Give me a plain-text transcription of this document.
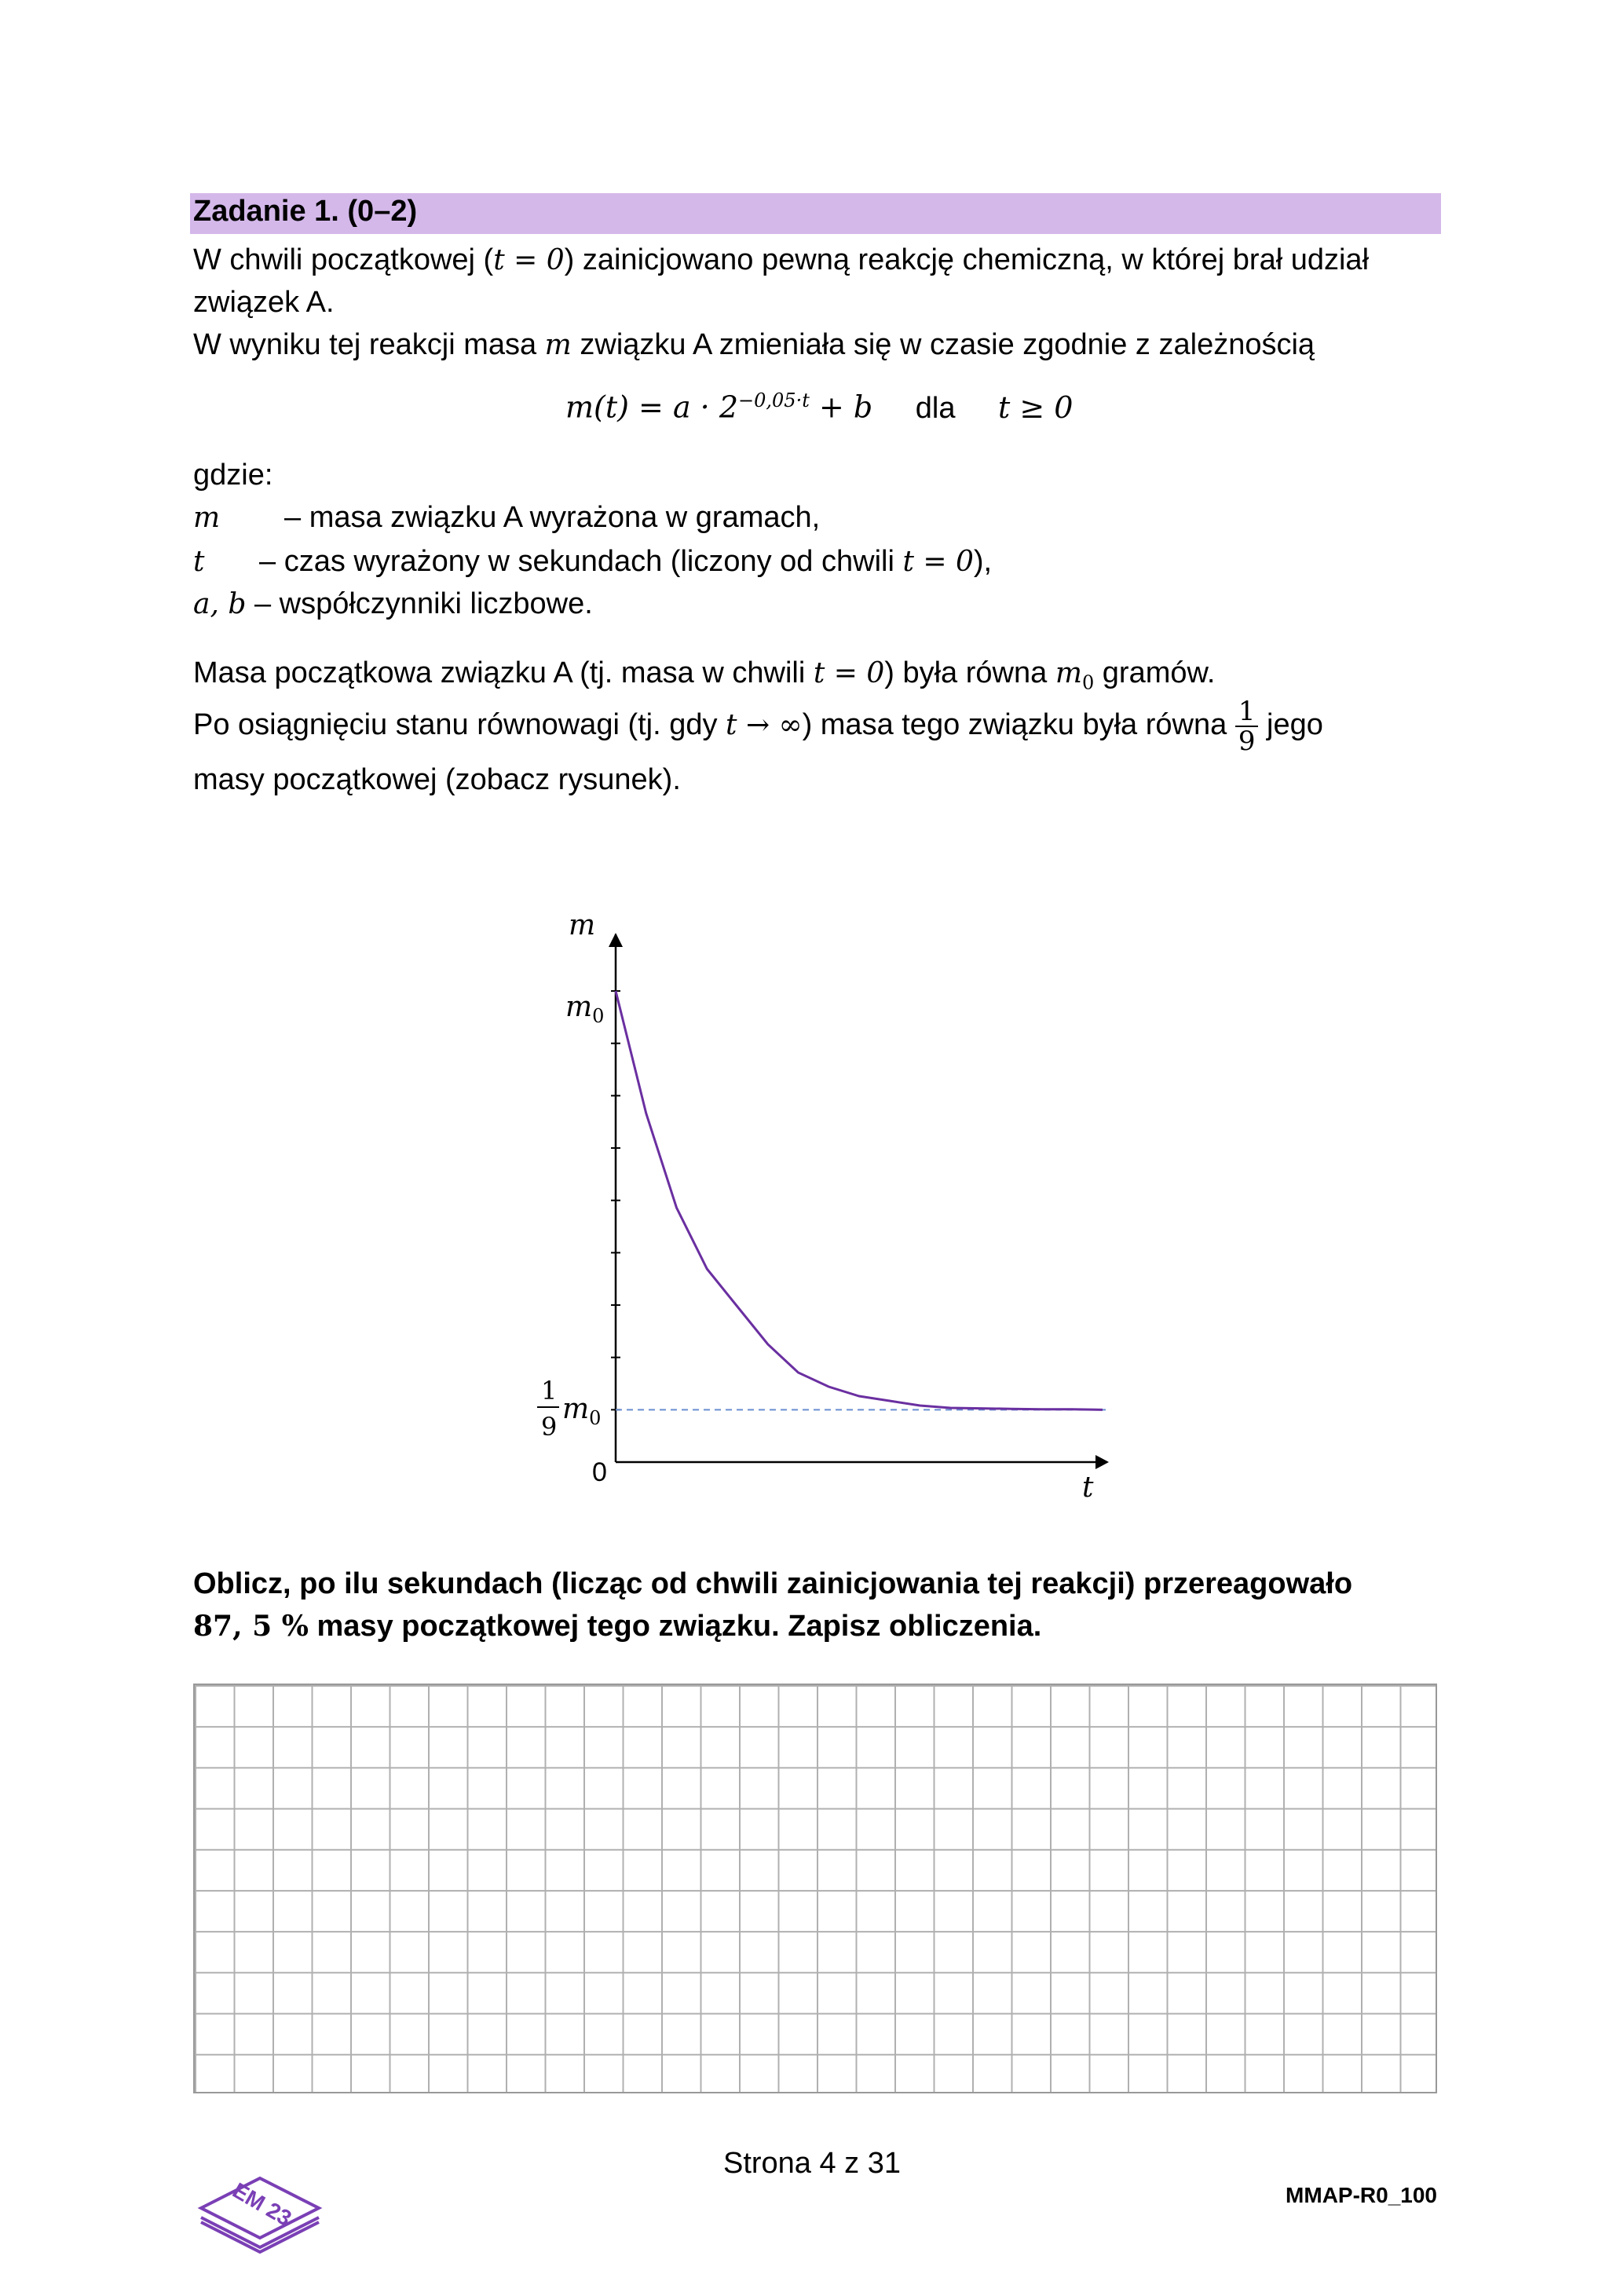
Zadanie 1. (0–2)
W chwili początkowej (t = 0) zainicjowano pewną reakcję chemiczną, w której brał udział
związek A.
W wyniku tej reakcji masa m związku A zmieniała się w czasie zgodnie z zależnością
$m(t) = a \cdot 2^{-0,05\cdot t} + b$ dla t ≥ 0
gdzie:
m – masa związku A wyrażona w gramach,
t – czas wyrażony w sekundach (liczony od chwili t = 0),
a, b – współczynniki liczbowe.
Masa początkowa związku A (tj. masa w chwili t = 0) była równa $m_0$ gramów.
Po osiągnięciu stanu równowagi (tj. gdy t → ∞) masa tego związku była równa $\frac{1}{9}$ jego
masy początkowej (zobacz rysunek).
m
$m_0$
1
9
$m_0$
0	t
Oblicz, po ilu sekundach (licząc od chwili zainicjowania tej reakcji) przereagowało
87, 5 % masy początkowej tego związku. Zapisz obliczenia.
EM 23
Strona 4 z 31
MMAP-R0_100
